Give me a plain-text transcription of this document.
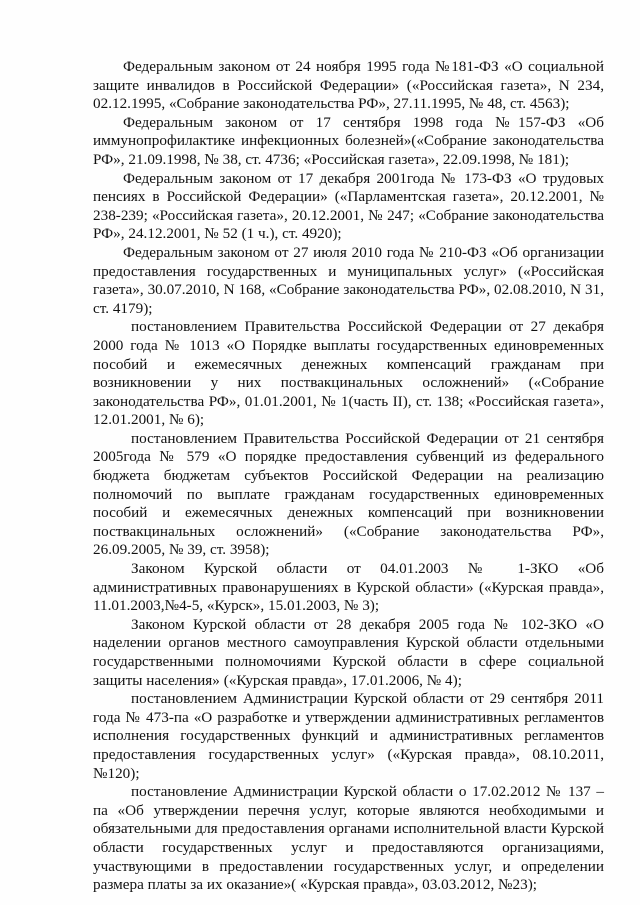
Федеральным законом от 24 ноября 1995 года №181-ФЗ «О социальной защите инвалидов в Российской Федерации» («Российская газета», N 234, 02.12.1995, «Собрание законодательства РФ», 27.11.1995, № 48, ст. 4563);

Федеральным законом от 17 сентября 1998 года №157-ФЗ «Об иммунопрофилактике инфекционных болезней»(«Собрание законодательства РФ», 21.09.1998, № 38, ст. 4736; «Российская газета», 22.09.1998, № 181);

Федеральным законом от 17 декабря 2001года № 173-ФЗ «О трудовых пенсиях в Российской Федерации» («Парламентская газета», 20.12.2001, № 238-239; «Российская газета», 20.12.2001, № 247; «Собрание законодательства РФ», 24.12.2001, № 52 (1 ч.), ст. 4920);

Федеральным законом от 27 июля 2010 года № 210-ФЗ «Об организации предоставления государственных и муниципальных услуг» («Российская газета», 30.07.2010, N 168, «Собрание законодательства РФ», 02.08.2010, N 31, ст. 4179);

постановлением Правительства Российской Федерации от 27 декабря 2000 года № 1013 «О Порядке выплаты государственных единовременных пособий и ежемесячных денежных компенсаций гражданам при возникновении у них поствакцинальных осложнений» («Собрание законодательства РФ», 01.01.2001, № 1(часть II), ст. 138; «Российская газета», 12.01.2001, № 6);

постановлением Правительства Российской Федерации от 21 сентября 2005года № 579 «О порядке предоставления субвенций из федерального бюджета бюджетам субъектов Российской Федерации на реализацию полномочий по выплате гражданам государственных единовременных пособий и ежемесячных денежных компенсаций при возникновении поствакцинальных осложнений» («Собрание законодательства РФ», 26.09.2005, № 39, ст. 3958);

Законом Курской области от 04.01.2003 № 1-ЗКО «Об административных правонарушениях в Курской области» («Курская правда», 11.01.2003,№4-5, «Курск», 15.01.2003, № 3);

Законом Курской области от 28 декабря 2005 года № 102-ЗКО «О наделении органов местного самоуправления Курской области отдельными государственными полномочиями Курской области в сфере социальной защиты населения» («Курская правда», 17.01.2006, № 4);

постановлением Администрации Курской области от 29 сентября 2011 года № 473-па «О разработке и утверждении административных регламентов исполнения государственных функций и административных регламентов предоставления государственных услуг» («Курская правда», 08.10.2011, №120);

постановление Администрации Курской области о 17.02.2012 № 137 – па «Об утверждении перечня услуг, которые являются необходимыми и обязательными для предоставления органами исполнительной власти Курской области государственных услуг и предоставляются организациями, участвующими в предоставлении государственных услуг, и определении размера платы за их оказание»( «Курская правда», 03.03.2012, №23);
